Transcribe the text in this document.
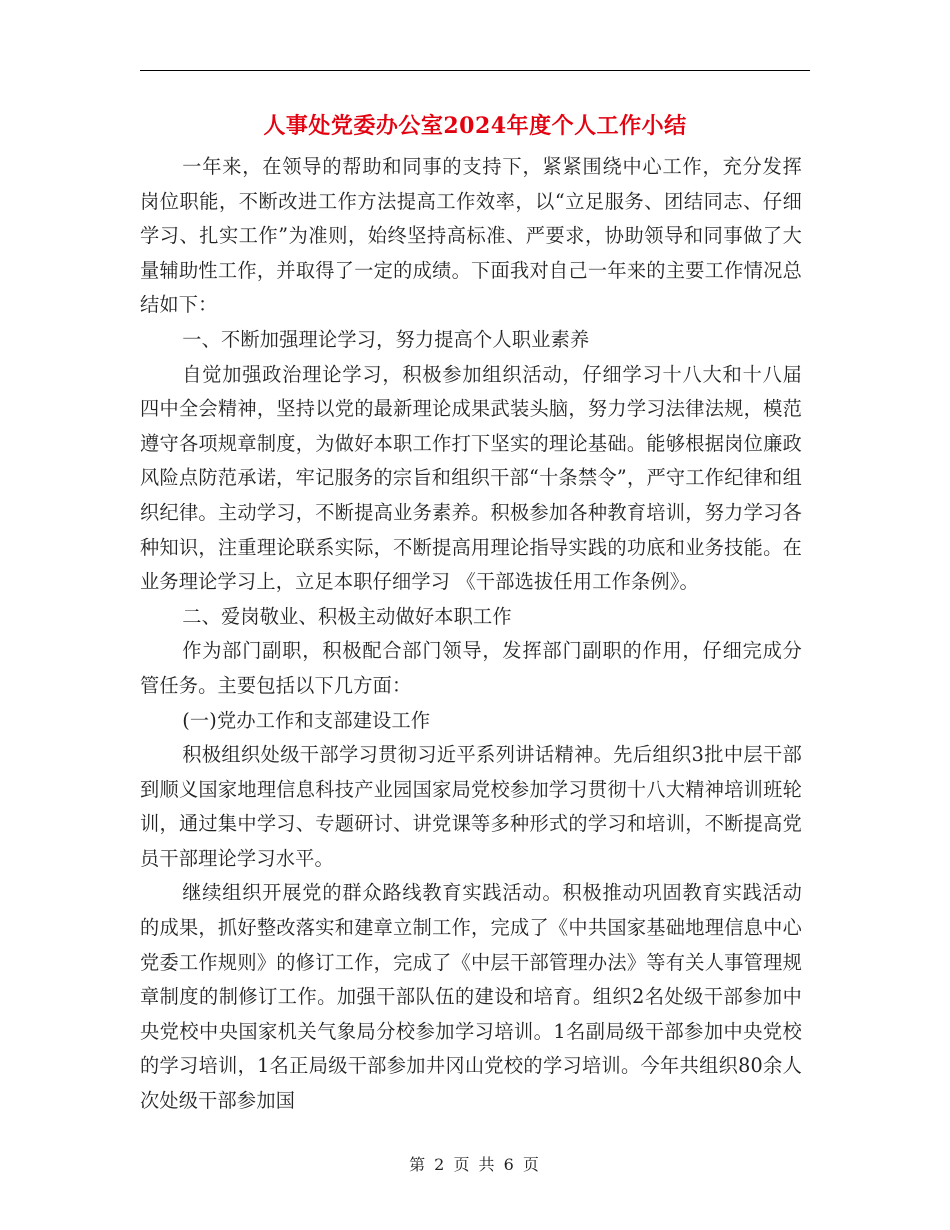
人事处党委办公室2024年度个人工作小结

一年来，在领导的帮助和同事的支持下，紧紧围绕中心工作，充分发挥岗位职能，不断改进工作方法提高工作效率，以“立足服务、团结同志、仔细学习、扎实工作”为准则，始终坚持高标准、严要求，协助领导和同事做了大量辅助性工作，并取得了一定的成绩。下面我对自己一年来的主要工作情况总结如下：

一、不断加强理论学习，努力提高个人职业素养

自觉加强政治理论学习，积极参加组织活动，仔细学习十八大和十八届四中全会精神，坚持以党的最新理论成果武装头脑，努力学习法律法规，模范遵守各项规章制度，为做好本职工作打下坚实的理论基础。能够根据岗位廉政风险点防范承诺，牢记服务的宗旨和组织干部“十条禁令”，严守工作纪律和组织纪律。主动学习，不断提高业务素养。积极参加各种教育培训，努力学习各种知识，注重理论联系实际，不断提高用理论指导实践的功底和业务技能。在业务理论学习上，立足本职仔细学习 《干部选拔任用工作条例》。

二、爱岗敬业、积极主动做好本职工作

作为部门副职，积极配合部门领导，发挥部门副职的作用，仔细完成分管任务。主要包括以下几方面：

(一)党办工作和支部建设工作

积极组织处级干部学习贯彻习近平系列讲话精神。先后组织3批中层干部到顺义国家地理信息科技产业园国家局党校参加学习贯彻十八大精神培训班轮训，通过集中学习、专题研讨、讲党课等多种形式的学习和培训，不断提高党员干部理论学习水平。

继续组织开展党的群众路线教育实践活动。积极推动巩固教育实践活动的成果，抓好整改落实和建章立制工作，完成了《中共国家基础地理信息中心党委工作规则》的修订工作，完成了《中层干部管理办法》等有关人事管理规章制度的制修订工作。加强干部队伍的建设和培育。组织2名处级干部参加中央党校中央国家机关气象局分校参加学习培训。1名副局级干部参加中央党校的学习培训，1名正局级干部参加井冈山党校的学习培训。今年共组织80余人次处级干部参加国

第 2 页 共 6 页
